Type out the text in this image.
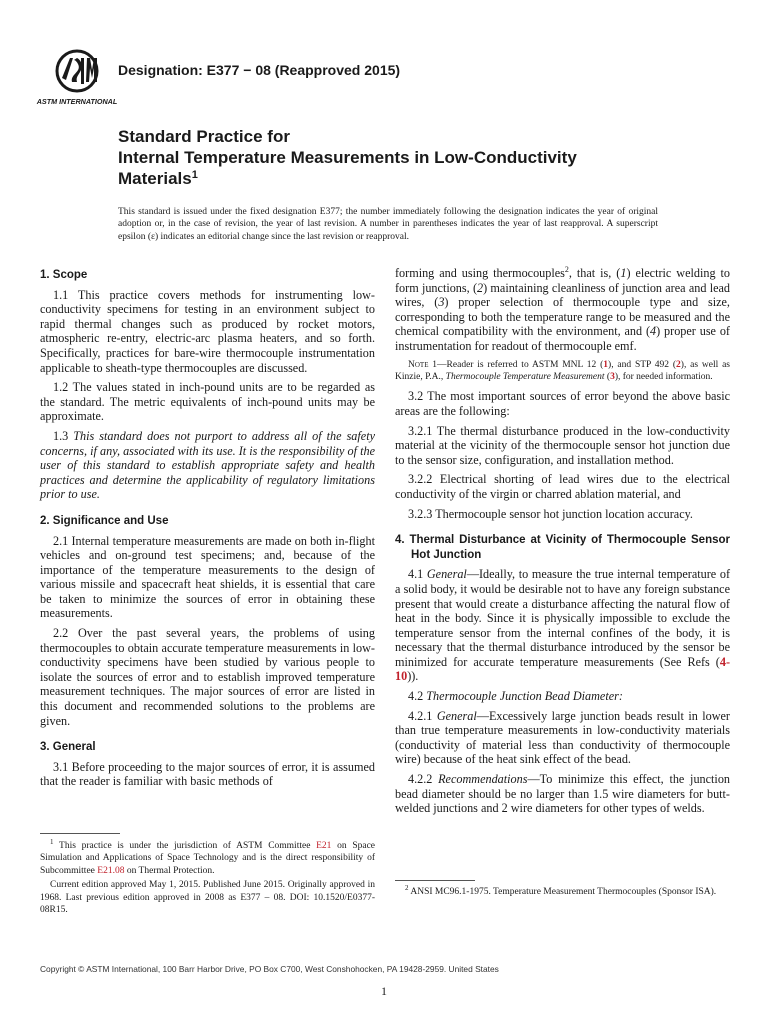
ASTM INTERNATIONAL
Designation: E377 − 08 (Reapproved 2015)
Standard Practice for
Internal Temperature Measurements in Low-Conductivity
Materials$^1$
This standard is issued under the fixed designation E377; the number immediately following the designation indicates the year of original adoption or, in the case of revision, the year of last revision. A number in parentheses indicates the year of last reapproval. A superscript epsilon (ε) indicates an editorial change since the last revision or reapproval.
1. Scope

1.1 This practice covers methods for instrumenting low-conductivity specimens for testing in an environment subject to rapid thermal changes such as produced by rocket motors, atmospheric re-entry, electric-arc plasma heaters, and so forth. Specifically, practices for bare-wire thermocouple instrumentation applicable to sheath-type thermocouples are discussed.

1.2 The values stated in inch-pound units are to be regarded as the standard. The metric equivalents of inch-pound units may be approximate.

1.3 This standard does not purport to address all of the safety concerns, if any, associated with its use. It is the responsibility of the user of this standard to establish appropriate safety and health practices and determine the applicability of regulatory limitations prior to use.

2. Significance and Use

2.1 Internal temperature measurements are made on both in-flight vehicles and on-ground test specimens; and, because of the importance of the temperature measurements to the design of various missile and spacecraft heat shields, it is essential that care be taken to minimize the sources of error in obtaining these measurements.

2.2 Over the past several years, the problems of using thermocouples to obtain accurate temperature measurements in low-conductivity specimens have been studied by various people to isolate the sources of error and to establish improved temperature measurement techniques. The major sources of error are listed in this document and recommended solutions to the problems are given.

3. General

3.1 Before proceeding to the major sources of error, it is assumed that the reader is familiar with basic methods of

forming and using thermocouples$^2$, that is, (1) electric welding to form junctions, (2) maintaining cleanliness of junction area and lead wires, (3) proper selection of thermocouple type and size, corresponding to both the temperature range to be measured and the chemical compatibility with the environment, and (4) proper use of instrumentation for readout of thermocouple emf.

Note 1—Reader is referred to ASTM MNL 12 (1), and STP 492 (2), as well as Kinzie, P.A., Thermocouple Temperature Measurement (3), for needed information.

3.2 The most important sources of error beyond the above basic areas are the following:

3.2.1 The thermal disturbance produced in the low-conductivity material at the vicinity of the thermocouple sensor hot junction due to the sensor size, configuration, and installation method.

3.2.2 Electrical shorting of lead wires due to the electrical conductivity of the virgin or charred ablation material, and

3.2.3 Thermocouple sensor hot junction location accuracy.

4. Thermal Disturbance at Vicinity of Thermocouple Sensor Hot Junction

4.1 General—Ideally, to measure the true internal temperature of a solid body, it would be desirable not to have any foreign substance present that would create a disturbance affecting the natural flow of heat in the body. Since it is physically impossible to exclude the temperature sensor from the internal confines of the body, it is necessary that the thermal disturbance introduced by the sensor be minimized for accurate temperature measurements (See Refs (4-10)).

4.2 Thermocouple Junction Bead Diameter:

4.2.1 General—Excessively large junction beads result in lower than true temperature measurements in low-conductivity materials (conductivity of material less than conductivity of thermocouple wire) because of the heat sink effect of the bead.

4.2.2 Recommendations—To minimize this effect, the junction bead diameter should be no larger than 1.5 wire diameters for butt-welded junctions and 2 wire diameters for other types of welds.

$^1$ This practice is under the jurisdiction of ASTM Committee E21 on Space Simulation and Applications of Space Technology and is the direct responsibility of Subcommittee E21.08 on Thermal Protection.

Current edition approved May 1, 2015. Published June 2015. Originally approved in 1968. Last previous edition approved in 2008 as E377 – 08. DOI: 10.1520/E0377-08R15.

$^2$ ANSI MC96.1-1975. Temperature Measurement Thermocouples (Sponsor ISA).

Copyright © ASTM International, 100 Barr Harbor Drive, PO Box C700, West Conshohocken, PA 19428-2959. United States
1
